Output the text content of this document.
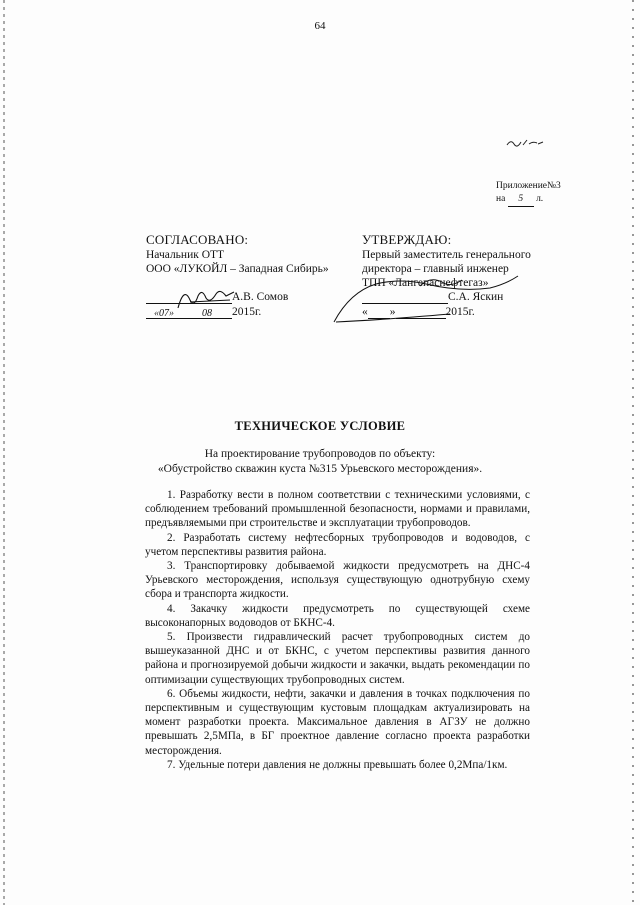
64
Приложение№3
на 5 л.
СОГЛАСОВАНО:
Начальник ОТТ
ООО «ЛУКОЙЛ – Западная Сибирь»
А.В. Сомов
«07»	08 2015г.
УТВЕРЖДАЮ:
Первый заместитель генерального
директора – главный инженер
ТПП «Лангепаснефтегаз»
С.А. Яскин
« »	2015г.
ТЕХНИЧЕСКОЕ УСЛОВИЕ
На проектирование трубопроводов по объекту:
«Обустройство скважин куста №315 Урьевского месторождения».

1. Разработку вести в полном соответствии с техническими условиями, с соблюдением требований промышленной безопасности, нормами и правилами, предъявляемыми при строительстве и эксплуатации трубопроводов.

2. Разработать систему нефтесборных трубопроводов и водоводов, с учетом перспективы развития района.

3. Транспортировку добываемой жидкости предусмотреть на ДНС-4 Урьевского месторождения, используя существующую однотрубную схему сбора и транспорта жидкости.

4. Закачку жидкости предусмотреть по существующей схеме высоконапорных водоводов от БКНС-4.

5. Произвести гидравлический расчет трубопроводных систем до вышеуказанной ДНС и от БКНС, с учетом перспективы развития данного района и прогнозируемой добычи жидкости и закачки, выдать рекомендации по оптимизации существующих трубопроводных систем.

6. Объемы жидкости, нефти, закачки и давления в точках подключения по перспективным и существующим кустовым площадкам актуализировать на момент разработки проекта. Максимальное давления в АГЗУ не должно превышать 2,5МПа, в БГ проектное давление согласно проекта разработки месторождения.

7. Удельные потери давления не должны превышать более 0,2Мпа/1км.
